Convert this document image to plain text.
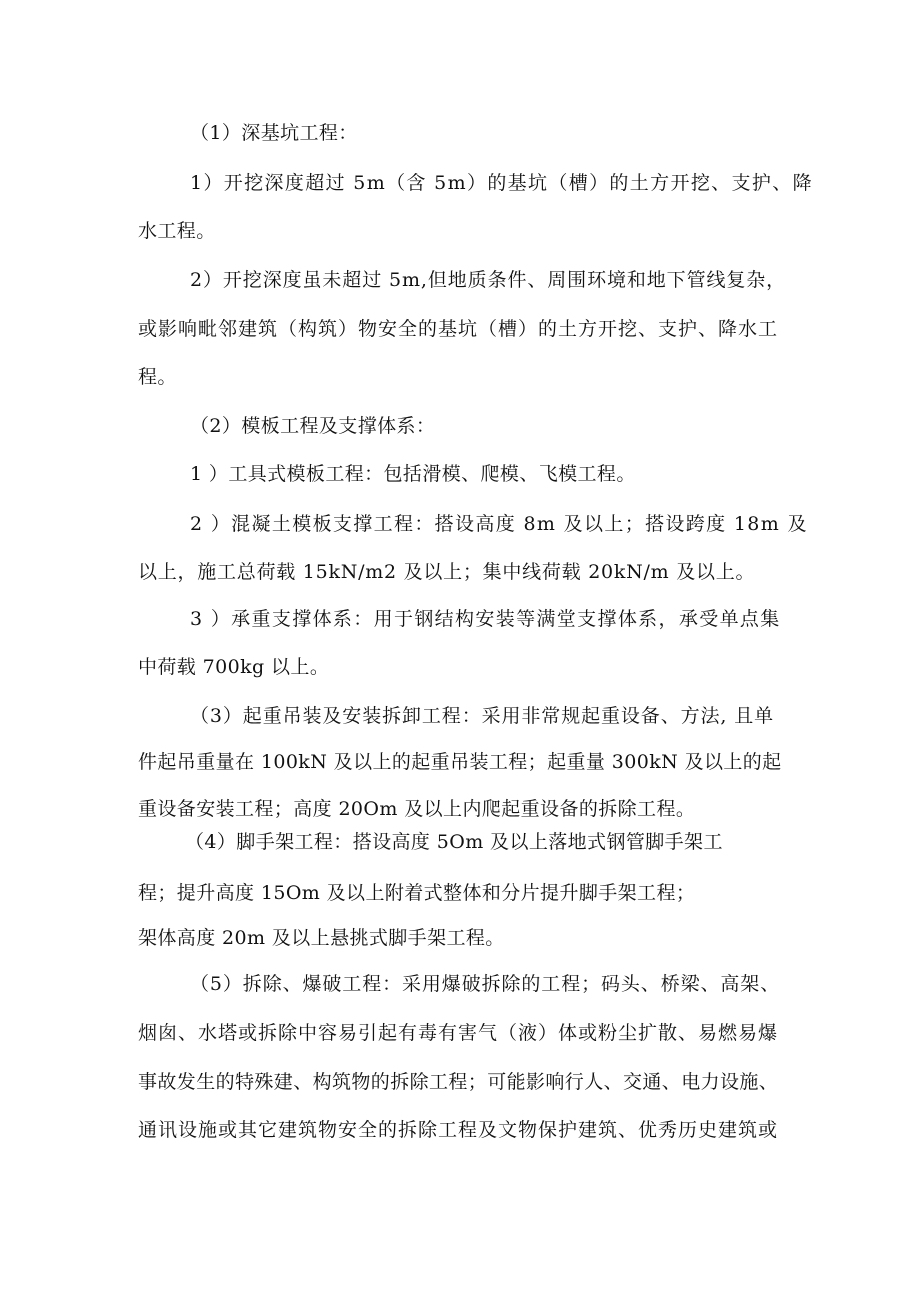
（1）深基坑工程：
1）开挖深度超过 5m（含 5m）的基坑（槽）的土方开挖、支护、降
水工程。
2）开挖深度虽未超过 5m,但地质条件、周围环境和地下管线复杂，
或影响毗邻建筑（构筑）物安全的基坑（槽）的土方开挖、支护、降水工
程。
（2）模板工程及支撑体系：
1 ）工具式模板工程：包括滑模、爬模、飞模工程。
2 ）混凝土模板支撑工程：搭设高度 8m 及以上；搭设跨度 18m 及
以上，施工总荷载 15kN/m2 及以上；集中线荷载 20kN/m 及以上。
3 ）承重支撑体系：用于钢结构安装等满堂支撑体系，承受单点集
中荷载 700kg 以上。
（3）起重吊装及安装拆卸工程：采用非常规起重设备、方法, 且单
件起吊重量在 100kN 及以上的起重吊装工程；起重量 300kN 及以上的起
重设备安装工程；高度 20Om 及以上内爬起重设备的拆除工程。
（4）脚手架工程：搭设高度 5Om 及以上落地式钢管脚手架工
程；提升高度 15Om 及以上附着式整体和分片提升脚手架工程；
架体高度 20m 及以上悬挑式脚手架工程。
（5）拆除、爆破工程：采用爆破拆除的工程；码头、桥梁、高架、
烟囱、水塔或拆除中容易引起有毒有害气（液）体或粉尘扩散、易燃易爆
事故发生的特殊建、构筑物的拆除工程；可能影响行人、交通、电力设施、
通讯设施或其它建筑物安全的拆除工程及文物保护建筑、优秀历史建筑或
